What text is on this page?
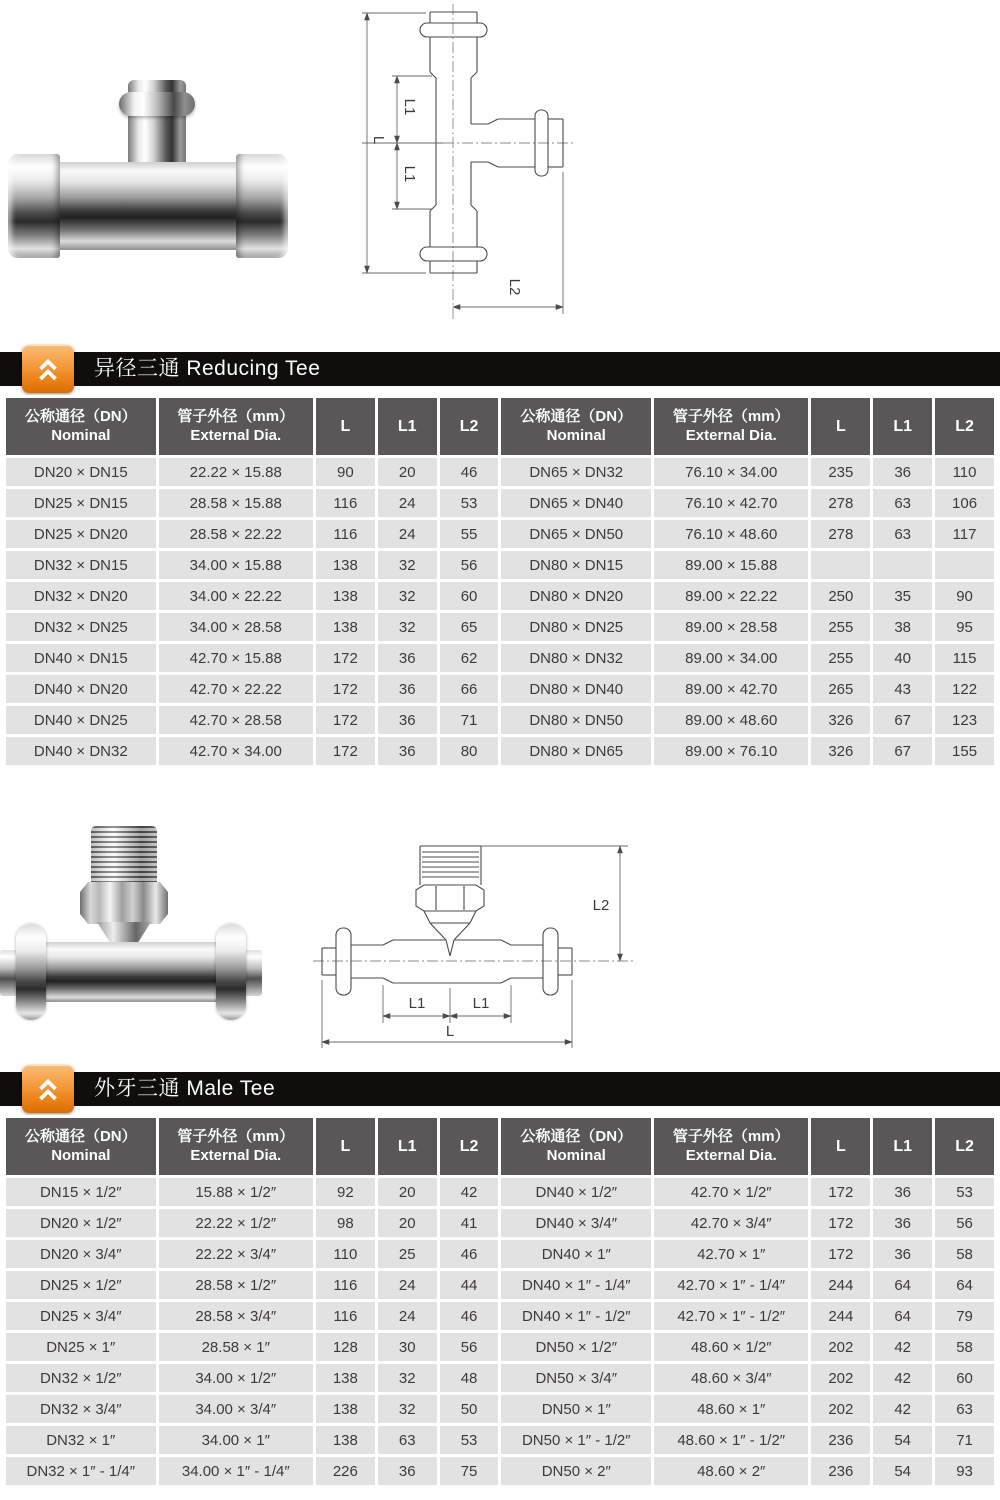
L
L1
L1
L2
异径三通 Reducing Tee
公称通径（DN）
Nominal

管子外径（mm）
External Dia.
	L	L1	L2	
公称通径（DN）
Nominal

管子外径（mm）
External Dia.
	L	L1	L2
DN20 × DN15	22.22 × 15.88	90	20	46	DN65 × DN32	76.10 × 34.00	235	36	110
DN25 × DN15	28.58 × 15.88	116	24	53	DN65 × DN40	76.10 × 42.70	278	63	106
DN25 × DN20	28.58 × 22.22	116	24	55	DN65 × DN50	76.10 × 48.60	278	63	117
DN32 × DN15	34.00 × 15.88	138	32	56	DN80 × DN15	89.00 × 15.88			
DN32 × DN20	34.00 × 22.22	138	32	60	DN80 × DN20	89.00 × 22.22	250	35	90
DN32 × DN25	34.00 × 28.58	138	32	65	DN80 × DN25	89.00 × 28.58	255	38	95
DN40 × DN15	42.70 × 15.88	172	36	62	DN80 × DN32	89.00 × 34.00	255	40	115
DN40 × DN20	42.70 × 22.22	172	36	66	DN80 × DN40	89.00 × 42.70	265	43	122
DN40 × DN25	42.70 × 28.58	172	36	71	DN80 × DN50	89.00 × 48.60	326	67	123
DN40 × DN32	42.70 × 34.00	172	36	80	DN80 × DN65	89.00 × 76.10	326	67	155
L2
L1	L1
L
外牙三通 Male Tee
公称通径（DN）
Nominal

管子外径（mm）
External Dia.
	L	L1	L2	
公称通径（DN）
Nominal

管子外径（mm）
External Dia.
	L	L1	L2
DN15 × 1/2″	15.88 × 1/2″	92	20	42	DN40 × 1/2″	42.70 × 1/2″	172	36	53
DN20 × 1/2″	22.22 × 1/2″	98	20	41	DN40 × 3/4″	42.70 × 3/4″	172	36	56
DN20 × 3/4″	22.22 × 3/4″	110	25	46	DN40 × 1″	42.70 × 1″	172	36	58
DN25 × 1/2″	28.58 × 1/2″	116	24	44	DN40 × 1″ - 1/4″	42.70 × 1″ - 1/4″	244	64	64
DN25 × 3/4″	28.58 × 3/4″	116	24	46	DN40 × 1″ - 1/2″	42.70 × 1″ - 1/2″	244	64	79
DN25 × 1″	28.58 × 1″	128	30	56	DN50 × 1/2″	48.60 × 1/2″	202	42	58
DN32 × 1/2″	34.00 × 1/2″	138	32	48	DN50 × 3/4″	48.60 × 3/4″	202	42	60
DN32 × 3/4″	34.00 × 3/4″	138	32	50	DN50 × 1″	48.60 × 1″	202	42	63
DN32 × 1″	34.00 × 1″	138	63	53	DN50 × 1″ - 1/2″	48.60 × 1″ - 1/2″	236	54	71
DN32 × 1″ - 1/4″	34.00 × 1″ - 1/4″	226	36	75	DN50 × 2″	48.60 × 2″	236	54	93
